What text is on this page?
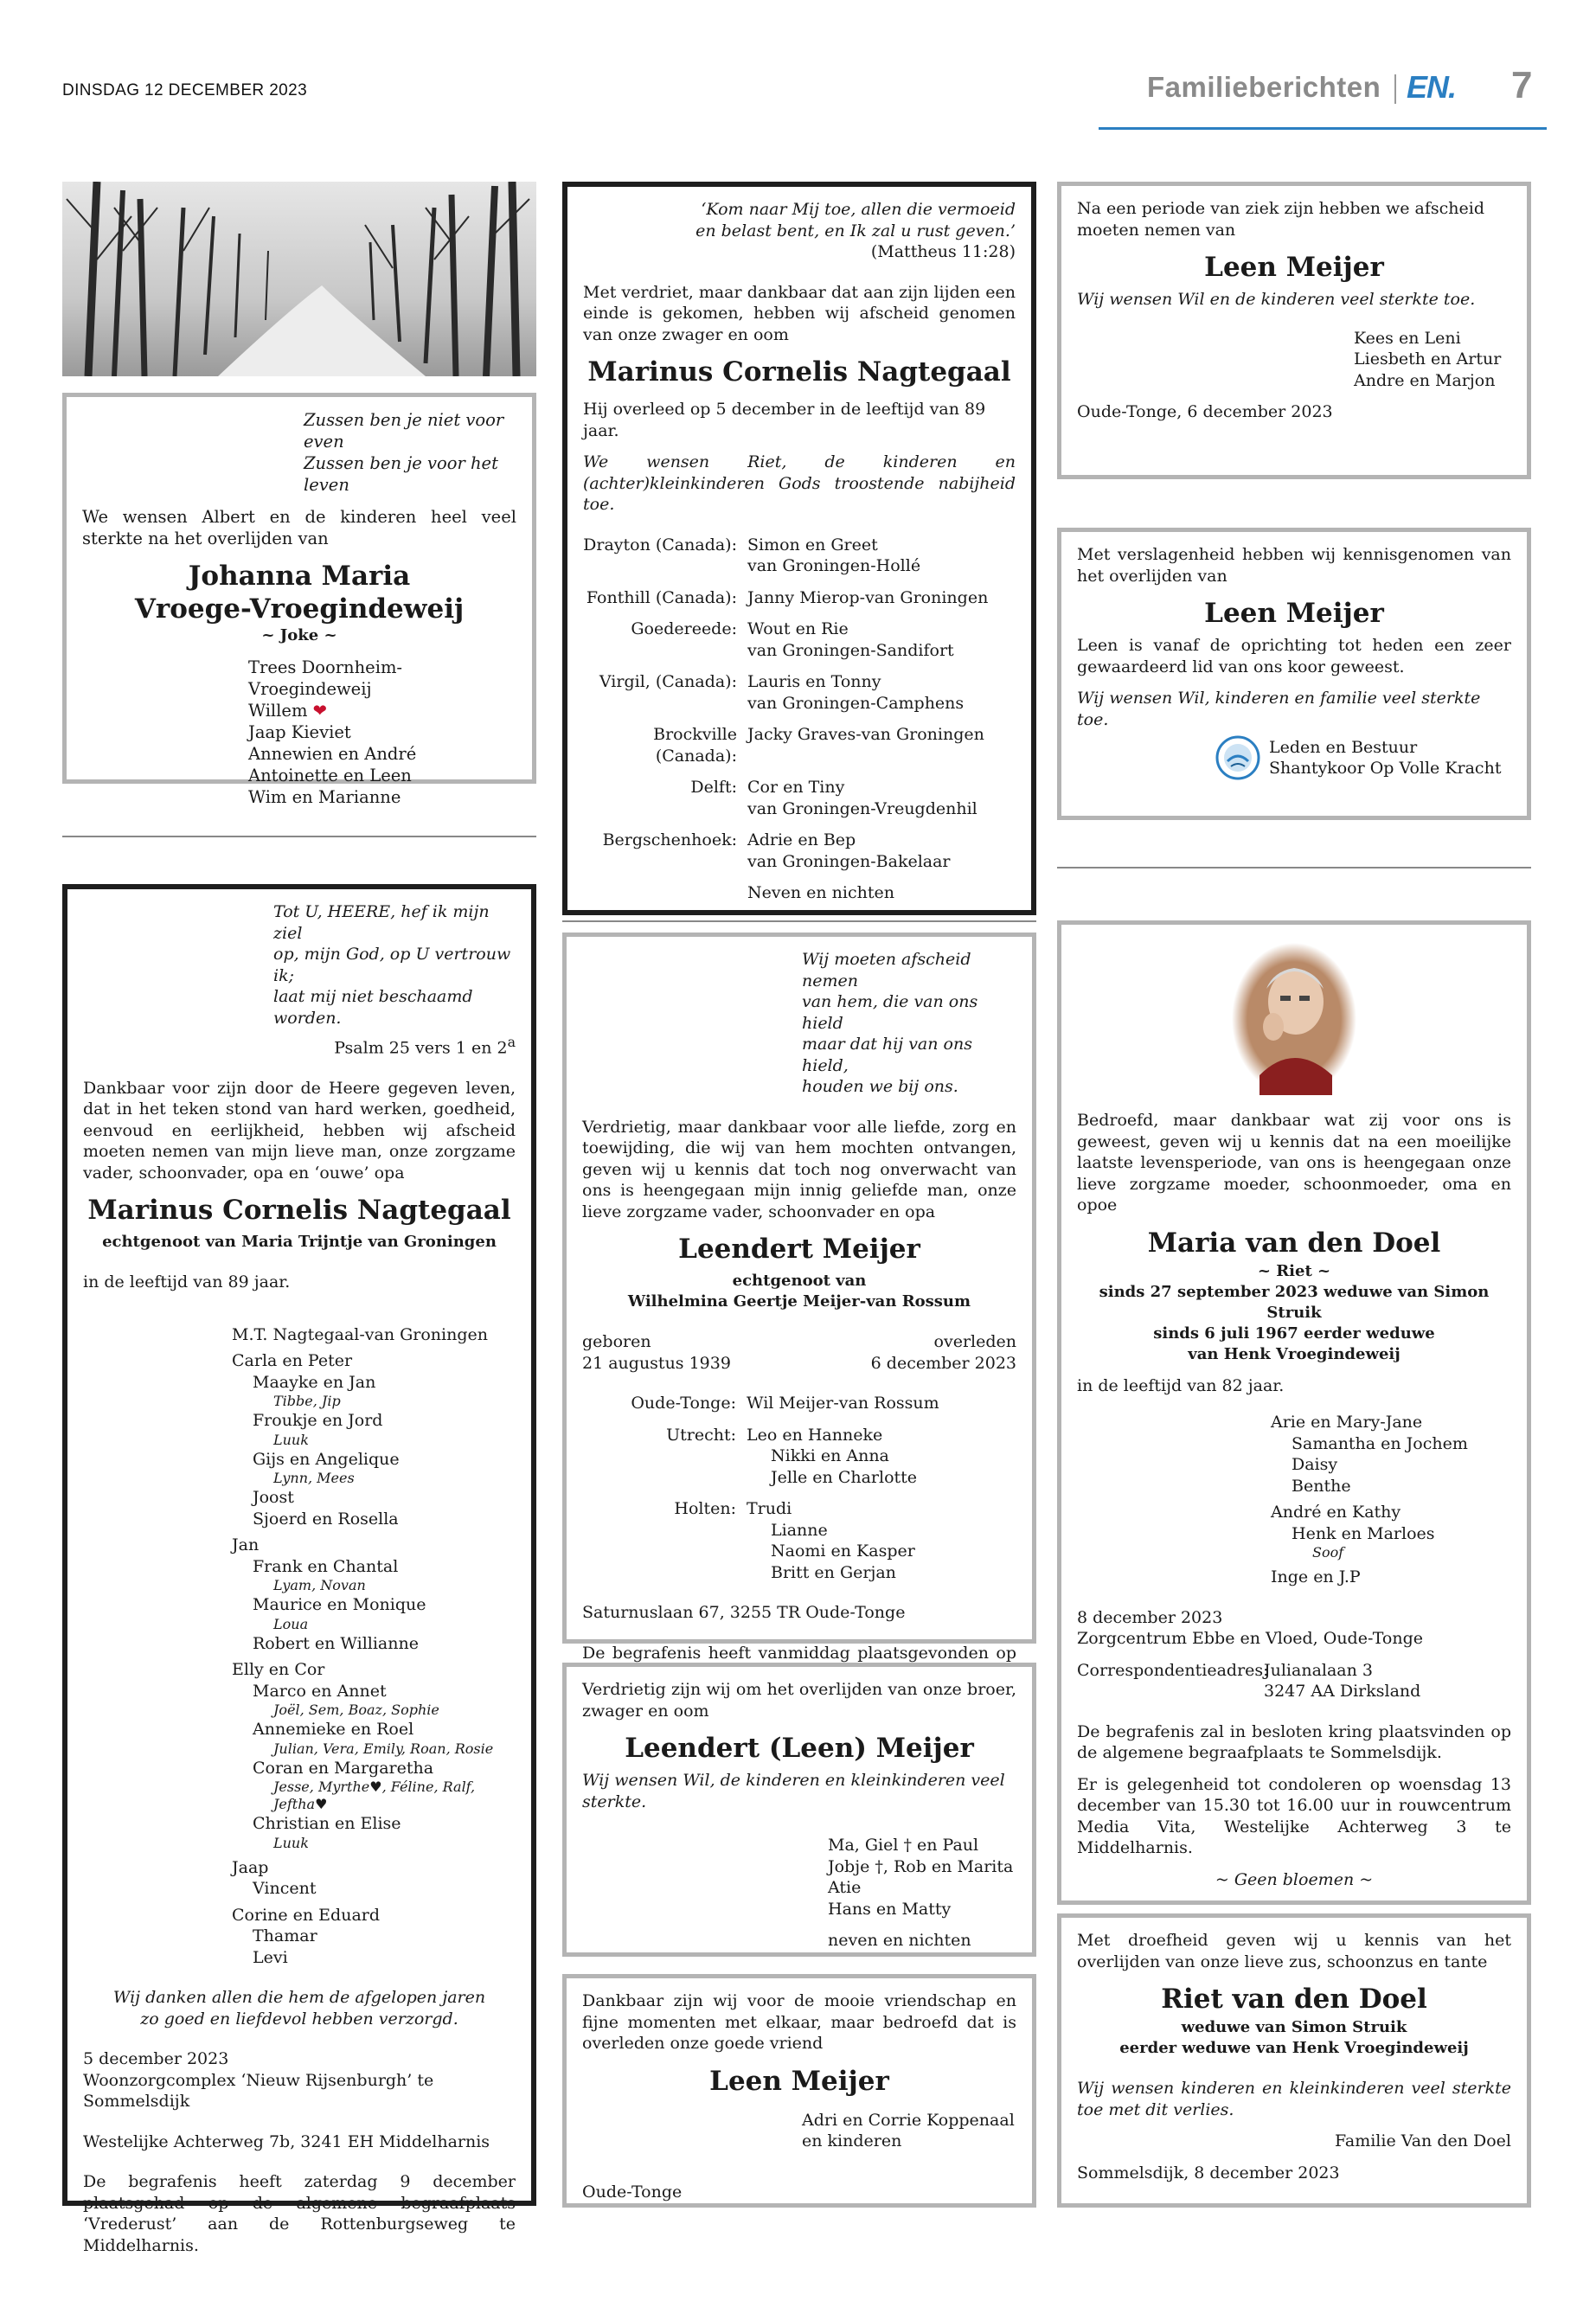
DINSDAG 12 DECEMBER 2023	Familieberichten EN. 7
Zussen ben je niet voor even
Zussen ben je voor het leven
We wensen Albert en de kinderen heel veel sterkte na het overlijden van
Johanna Maria
Vroege-Vroegindeweij
~ Joke ~
Trees Doornheim-Vroegindeweij
Willem ❤
Jaap Kieviet
Annewien en André
Antoinette en Leen
Wim en Marianne
Tot U, HEERE, hef ik mijn ziel
op, mijn God, op U vertrouw ik;
laat mij niet beschaamd worden.
Psalm 25 vers 1 en 2$^a$
Dankbaar voor zijn door de Heere gegeven leven, dat in het teken stond van hard werken, goedheid, eenvoud en eerlijkheid, hebben wij afscheid moeten nemen van mijn lieve man, onze zorgzame vader, schoonvader, opa en ‘ouwe’ opa
Marinus Cornelis Nagtegaal
echtgenoot van Maria Trijntje van Groningen
in de leeftijd van 89 jaar.
M.T. Nagtegaal-van Groningen
Carla en Peter
Maayke en Jan
Tibbe, Jip
Froukje en Jord
Luuk
Gijs en Angelique
Lynn, Mees
Joost
Sjoerd en Rosella
Jan
Frank en Chantal
Lyam, Novan
Maurice en Monique
Loua
Robert en Willianne
Elly en Cor
Marco en Annet
Joël, Sem, Boaz, Sophie
Annemieke en Roel
Julian, Vera, Emily, Roan, Rosie
Coran en Margaretha
Jesse, Myrthe♥, Féline, Ralf, Jeftha♥
Christian en Elise
Luuk
Jaap
Vincent
Corine en Eduard
Thamar
Levi
Wij danken allen die hem de afgelopen jaren
zo goed en liefdevol hebben verzorgd.
5 december 2023
Woonzorgcomplex ‘Nieuw Rijsenburgh’ te Sommelsdijk
Westelijke Achterweg 7b, 3241 EH Middelharnis
De begrafenis heeft zaterdag 9 december plaatsgehad op de algemene begraafplaats ‘Vrederust’ aan de Rottenburgseweg te Middelharnis.
‘Kom naar Mij toe, allen die vermoeid
en belast bent, en Ik zal u rust geven.’
(Mattheus 11:28)
Met verdriet, maar dankbaar dat aan zijn lijden een einde is gekomen, hebben wij afscheid genomen van onze zwager en oom
Marinus Cornelis Nagtegaal
Hij overleed op 5 december in de leeftijd van 89 jaar.
We wensen Riet, de kinderen en (achter)kleinkinderen Gods troostende nabijheid toe.
Drayton (Canada): Simon en Greet
van Groningen-Hollé
Fonthill (Canada): Janny Mierop-van Groningen
Goedereede: Wout en Rie
van Groningen-Sandifort
Virgil, (Canada): Lauris en Tonny
van Groningen-Camphens
Brockville (Canada):
Jacky Graves-van Groningen
Delft: Cor en Tiny
van Groningen-Vreugdenhil
Bergschenhoek: Adrie en Bep
van Groningen-Bakelaar
Neven en nichten
Wij moeten afscheid nemen
van hem, die van ons hield
maar dat hij van ons hield,
houden we bij ons.
Verdrietig, maar dankbaar voor alle liefde, zorg en toewijding, die wij van hem mochten ontvangen, geven wij u kennis dat toch nog onverwacht van ons is heengegaan mijn innig geliefde man, onze lieve zorgzame vader, schoonvader en opa
Leendert Meijer
echtgenoot van
Wilhelmina Geertje Meijer-van Rossum
geboren
21 augustus 1939
overleden
6 december 2023
Oude-Tonge: Wil Meijer-van Rossum
Utrecht: Leo en Hanneke
Nikki en Anna
Jelle en Charlotte
Holten: Trudi
Lianne
Naomi en Kasper
Britt en Gerjan
Saturnuslaan 67, 3255 TR Oude-Tonge
De begrafenis heeft vanmiddag plaatsgevonden op
Verdrietig zijn wij om het overlijden van onze broer, zwager en oom
Leendert (Leen) Meijer
Wij wensen Wil, de kinderen en kleinkinderen veel sterkte.
Ma, Giel † en Paul
Jobje †, Rob en Marita
Atie
Hans en Matty
neven en nichten
Dankbaar zijn wij voor de mooie vriendschap en fijne momenten met elkaar, maar bedroefd dat is overleden onze goede vriend
Leen Meijer
Adri en Corrie Koppenaal
en kinderen
Oude-Tonge
Na een periode van ziek zijn hebben we afscheid moeten nemen van
Leen Meijer
Wij wensen Wil en de kinderen veel sterkte toe.
Kees en Leni
Liesbeth en Artur
Andre en Marjon
Oude-Tonge, 6 december 2023
Met verslagenheid hebben wij kennisgenomen van het overlijden van
Leen Meijer
Leen is vanaf de oprichting tot heden een zeer gewaardeerd lid van ons koor geweest.
Wij wensen Wil, kinderen en familie veel sterkte toe.
Leden en Bestuur
Shantykoor Op Volle Kracht
Bedroefd, maar dankbaar wat zij voor ons is geweest, geven wij u kennis dat na een moeilijke laatste levensperiode, van ons is heengegaan onze lieve zorgzame moeder, schoonmoeder, oma en opoe
Maria van den Doel
~ Riet ~
sinds 27 september 2023 weduwe van Simon Struik
sinds 6 juli 1967 eerder weduwe
van Henk Vroegindeweij
in de leeftijd van 82 jaar.
Arie en Mary-Jane
Samantha en Jochem
Daisy
Benthe
André en Kathy
Henk en Marloes
Soof
Inge en J.P
8 december 2023
Zorgcentrum Ebbe en Vloed, Oude-Tonge
Correspondentieadres:
Julianalaan 3
3247 AA Dirksland
De begrafenis zal in besloten kring plaatsvinden op de algemene begraafplaats te Sommelsdijk.
Er is gelegenheid tot condoleren op woensdag 13 december van 15.30 tot 16.00 uur in rouwcentrum Media Vita, Westelijke Achterweg 3 te Middelharnis.
~ Geen bloemen ~
Met droefheid geven wij u kennis van het overlijden van onze lieve zus, schoonzus en tante
Riet van den Doel
weduwe van Simon Struik
eerder weduwe van Henk Vroegindeweij
Wij wensen kinderen en kleinkinderen veel sterkte toe met dit verlies.
Familie Van den Doel
Sommelsdijk, 8 december 2023
